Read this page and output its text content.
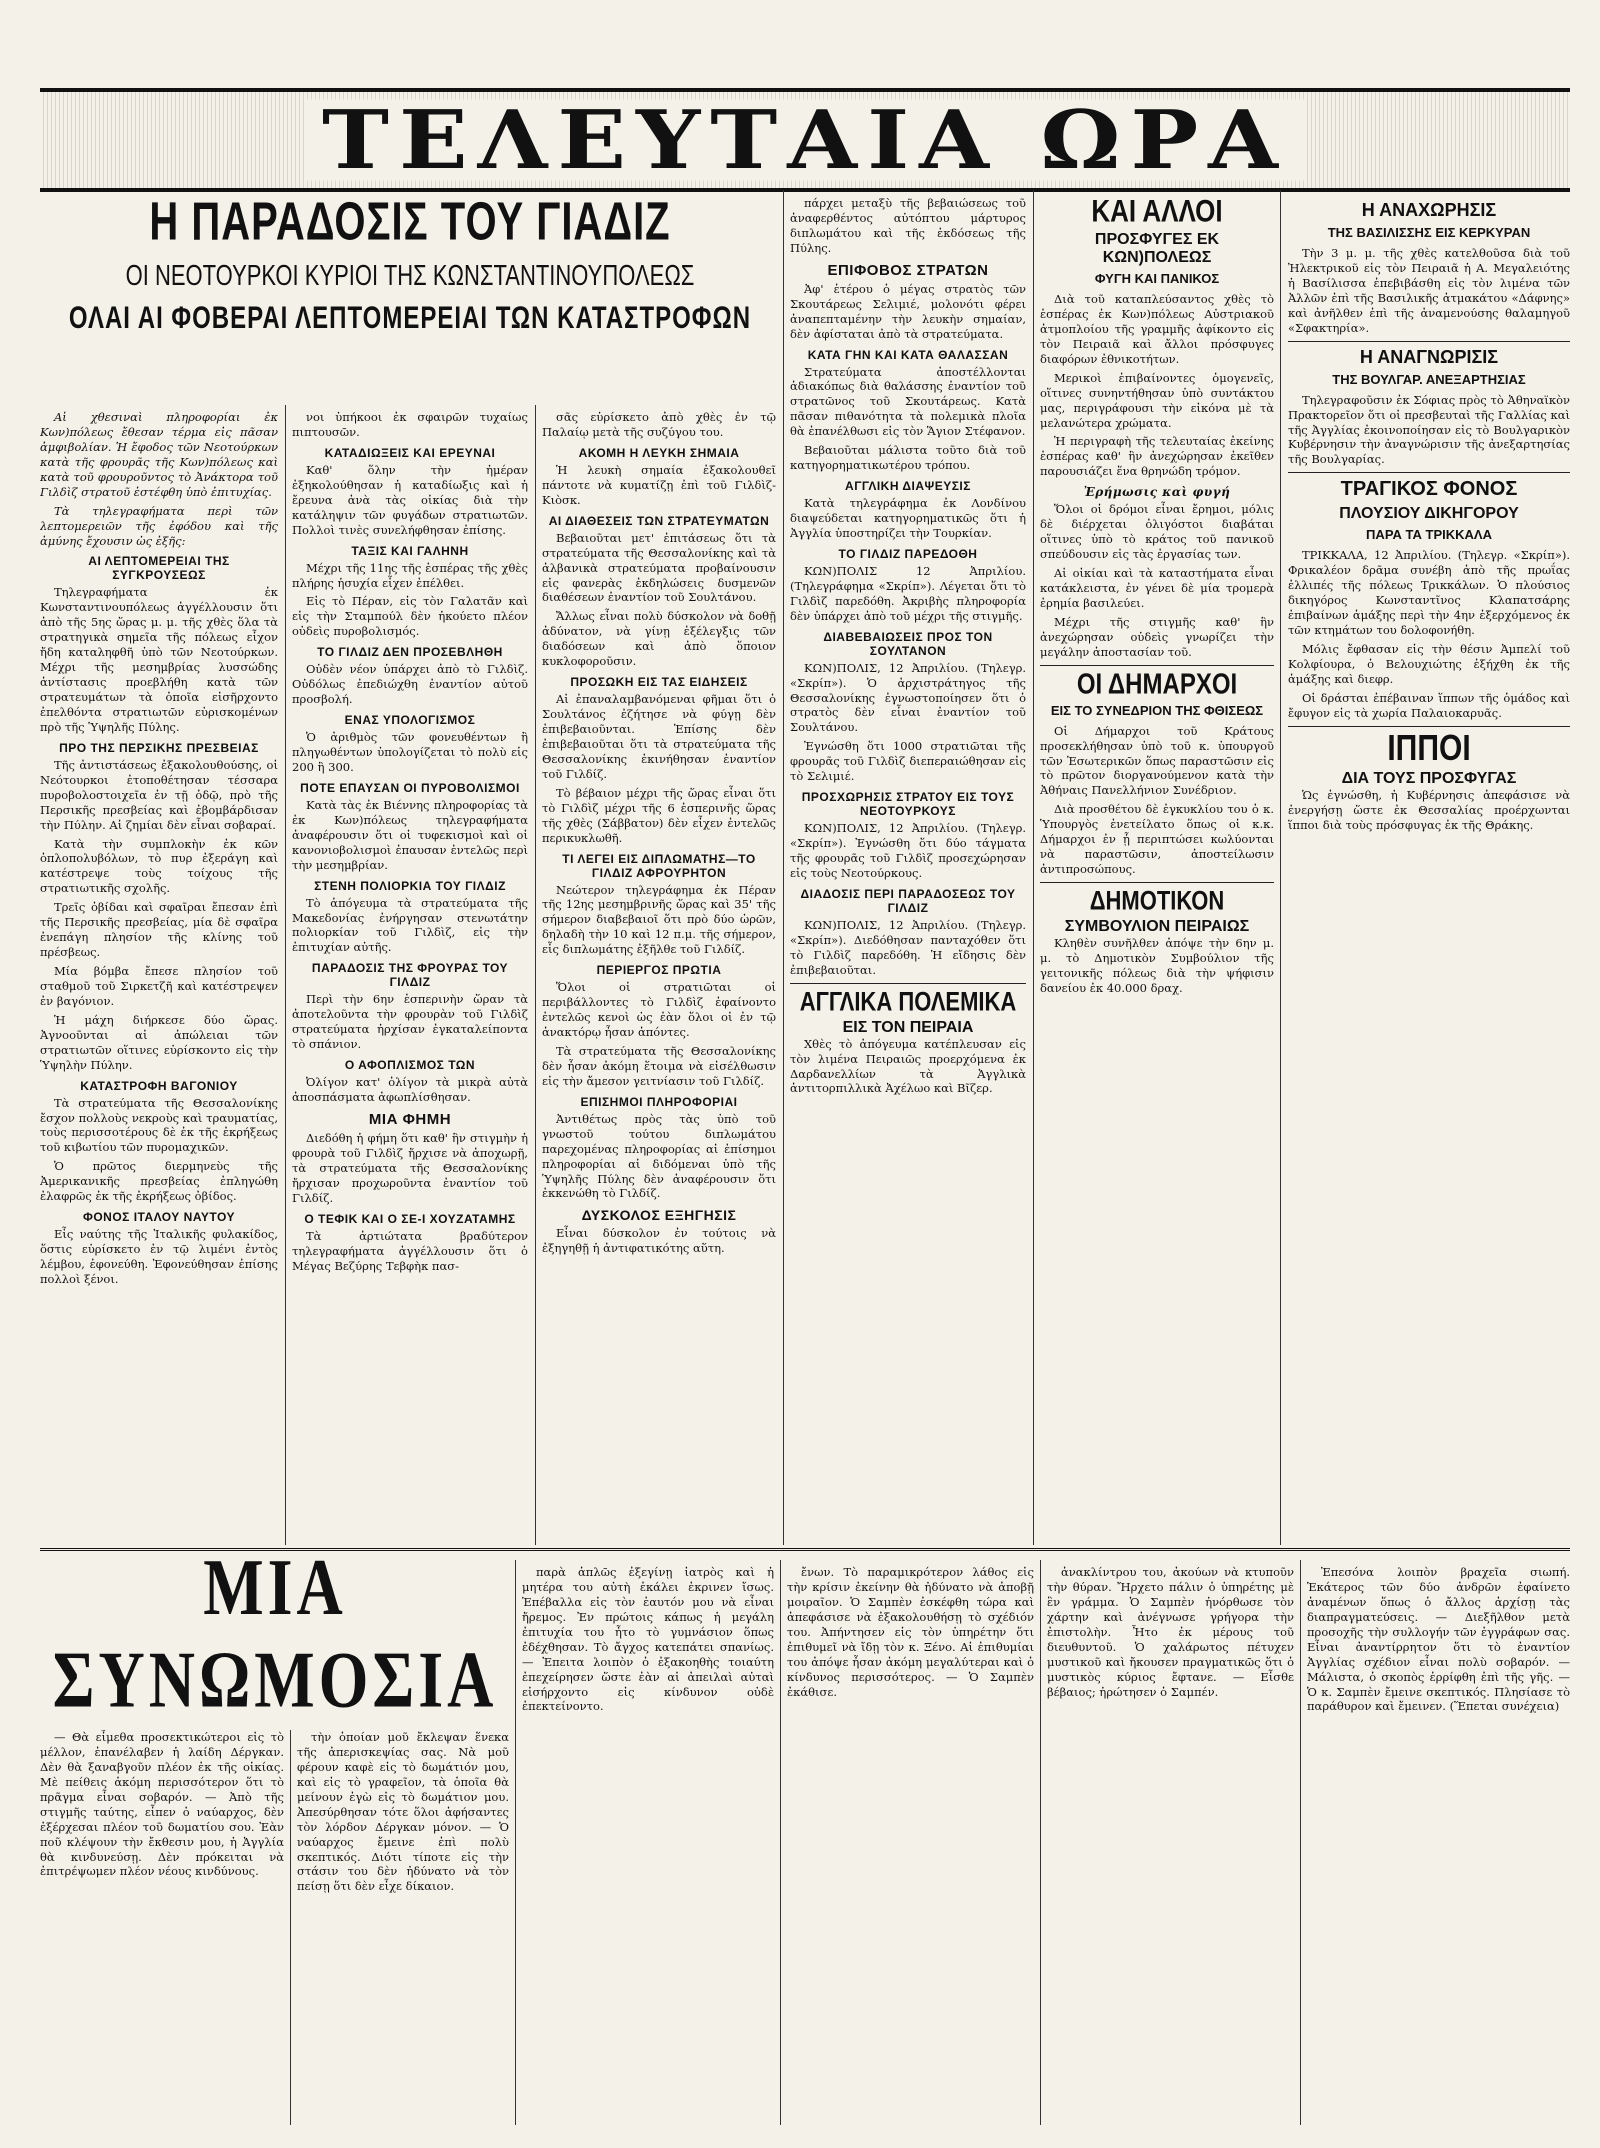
ΤΕΛΕΥΤΑΙΑ ΩΡΑ
Η ΠΑΡΑΔΟΣΙΣ ΤΟΥ ΓΙΑΔΙΖ
ΟΙ ΝΕΟΤΟΥΡΚΟΙ ΚΥΡΙΟΙ ΤΗΣ ΚΩΝΣΤΑΝΤΙΝΟΥΠΟΛΕΩΣ
ΟΛΑΙ ΑΙ ΦΟΒΕΡΑΙ ΛΕΠΤΟΜΕΡΕΙΑΙ ΤΩΝ ΚΑΤΑΣΤΡΟΦΩΝ

Αἱ χθεσιναὶ πληροφορίαι ἐκ Κων)πόλεως ἔθεσαν τέρμα εἰς πᾶσαν ἀμφιβολίαν. Ἡ ἔφοδος τῶν Νεοτούρκων κατὰ τῆς φρουρᾶς τῆς Κων)πόλεως καὶ κατὰ τοῦ φρουροῦντος τὸ Ἀνάκτορα τοῦ Γιλδὶζ στρατοῦ ἐστέφθη ὑπὸ ἐπιτυχίας.

Τὰ τηλεγραφήματα περὶ τῶν λεπτομερειῶν τῆς ἐφόδου καὶ τῆς ἀμύνης ἔχουσιν ὡς ἑξῆς:

ΑΙ ΛΕΠΤΟΜΕΡΕΙΑΙ ΤΗΣ ΣΥΓΚΡΟΥΣΕΩΣ

Τηλεγραφήματα ἐκ Κωνσταντινουπόλεως ἀγγέλλουσιν ὅτι ἀπὸ τῆς 5ης ὥρας μ. μ. τῆς χθὲς ὅλα τὰ στρατηγικὰ σημεῖα τῆς πόλεως εἶχον ἤδη καταληφθῆ ὑπὸ τῶν Νεοτούρκων. Μέχρι τῆς μεσημβρίας λυσσώδης ἀντίστασις προεβλήθη κατὰ τῶν στρατευμάτων τὰ ὁποῖα εἰσῆρχοντο ἐπελθόντα στρατιωτῶν εὑρισκομένων πρὸ τῆς Ὑψηλῆς Πύλης.

ΠΡΟ ΤΗΣ ΠΕΡΣΙΚΗΣ ΠΡΕΣΒΕΙΑΣ

Τῆς ἀντιστάσεως ἐξακολουθούσης, οἱ Νεότουρκοι ἐτοποθέτησαν τέσσαρα πυροβολοστοιχεῖα ἐν τῇ ὁδῷ, πρὸ τῆς Περσικῆς πρεσβείας καὶ ἐβομβάρδισαν τὴν Πύλην. Αἱ ζημίαι δὲν εἶναι σοβαραί.

Κατὰ τὴν συμπλοκὴν ἐκ κῶν ὁπλοπολυβόλων, τὸ πυρ ἐξεράγη καὶ κατέστρεψε τοὺς τοίχους τῆς στρατιωτικῆς σχολῆς.

Τρεῖς ὀβίδαι καὶ σφαῖραι ἔπεσαν ἐπὶ τῆς Περσικῆς πρεσβείας, μία δὲ σφαῖρα ἐνεπάγη πλησίον τῆς κλίνης τοῦ πρέσβεως.

Μία βόμβα ἔπεσε πλησίον τοῦ σταθμοῦ τοῦ Σιρκετζῆ καὶ κατέστρεψεν ἐν βαγόνιον.

Ἡ μάχη διήρκεσε δύο ὥρας. Ἀγνοοῦνται αἱ ἀπώλειαι τῶν στρατιωτῶν οἵτινες εὑρίσκοντο εἰς τὴν Ὑψηλὴν Πύλην.

ΚΑΤΑΣΤΡΟΦΗ ΒΑΓΟΝΙΟΥ

Τὰ στρατεύματα τῆς Θεσσαλονίκης ἔσχον πολλοὺς νεκροὺς καὶ τραυματίας, τοὺς περισσοτέρους δὲ ἐκ τῆς ἐκρήξεως τοῦ κιβωτίου τῶν πυρομαχικῶν.

Ὁ πρῶτος διερμηνεὺς τῆς Ἀμερικανικῆς πρεσβείας ἐπληγώθη ἐλαφρῶς ἐκ τῆς ἐκρήξεως ὀβίδος.

ΦΟΝΟΣ ΙΤΑΛΟΥ ΝΑΥΤΟΥ

Εἷς ναύτης τῆς Ἰταλικῆς φυλακίδος, ὅστις εὑρίσκετο ἐν τῷ λιμένι ἐντὸς λέμβου, ἐφονεύθη. Ἐφονεύθησαν ἐπίσης πολλοὶ ξένοι.

νοι ὑπήκοοι ἐκ σφαιρῶν τυχαίως πιπτουσῶν.

ΚΑΤΑΔΙΩΞΕΙΣ ΚΑΙ ΕΡΕΥΝΑΙ

Καθ' ὅλην τὴν ἡμέραν ἐξηκολούθησαν ἡ καταδίωξις καὶ ἡ ἔρευνα ἀνὰ τὰς οἰκίας διὰ τὴν κατάληψιν τῶν φυγάδων στρατιωτῶν. Πολλοὶ τινὲς συνελήφθησαν ἐπίσης.

ΤΑΞΙΣ ΚΑΙ ΓΑΛΗΝΗ

Μέχρι τῆς 11ης τῆς ἑσπέρας τῆς χθὲς πλήρης ἡσυχία εἶχεν ἐπέλθει.

Εἰς τὸ Πέραν, εἰς τὸν Γαλατᾶν καὶ εἰς τὴν Σταμπούλ δὲν ἠκούετο πλέον οὐδεὶς πυροβολισμός.

ΤΟ ΓΙΛΔΙΖ ΔΕΝ ΠΡΟΣΕΒΛΗΘΗ

Οὐδὲν νέον ὑπάρχει ἀπὸ τὸ Γιλδὶζ. Οὐδόλως ἐπεδιώχθη ἐναντίον αὐτοῦ προσβολή.

ΕΝΑΣ ΥΠΟΛΟΓΙΣΜΟΣ

Ὁ ἀριθμὸς τῶν φονευθέντων ἢ πληγωθέντων ὑπολογίζεται τὸ πολὺ εἰς 200 ἢ 300.

ΠΟΤΕ ΕΠΑΥΣΑΝ ΟΙ ΠΥΡΟΒΟΛΙΣΜΟΙ

Κατὰ τὰς ἐκ Βιέννης πληροφορίας τὰ ἐκ Κων)πόλεως τηλεγραφήματα ἀναφέρουσιν ὅτι οἱ τυφεκισμοὶ καὶ οἱ κανονιοβολισμοὶ ἐπαυσαν ἐντελῶς περὶ τὴν μεσημβρίαν.

ΣΤΕΝΗ ΠΟΛΙΟΡΚΙΑ ΤΟΥ ΓΙΛΔΙΖ

Τὸ ἀπόγευμα τὰ στρατεύματα τῆς Μακεδονίας ἐνήργησαν στενωτάτην πολιορκίαν τοῦ Γιλδὶζ, εἰς τὴν ἐπιτυχίαν αὐτῆς.

ΠΑΡΑΔΟΣΙΣ ΤΗΣ ΦΡΟΥΡΑΣ ΤΟΥ ΓΙΛΔΙΖ

Περὶ τὴν 6ην ἑσπερινὴν ὥραν τὰ ἀποτελοῦντα τὴν φρουρὰν τοῦ Γιλδὶζ στρατεύματα ἠρχίσαν ἐγκαταλείποντα τὸ σπάνιον.

Ο ΑΦΟΠΛΙΣΜΟΣ ΤΩΝ

Ὀλίγον κατ' ὀλίγον τὰ μικρὰ αὐτὰ ἀποσπάσματα ἀφωπλίσθησαν.

ΜΙΑ ΦΗΜΗ

Διεδόθη ἡ φήμη ὅτι καθ' ἣν στιγμὴν ἡ φρουρὰ τοῦ Γιλδὶζ ἤρχισε νὰ ἀποχωρῇ, τὰ στρατεύματα τῆς Θεσσαλονίκης ἤρχισαν προχωροῦντα ἐναντίον τοῦ Γιλδίζ.

Ο ΤΕΦΙΚ ΚΑΙ Ο ΣΕ-Ι ΧΟΥΖΑΤΑΜΗΣ

Τὰ ἀρτιώτατα βραδύτερον τηλεγραφήματα ἀγγέλλουσιν ὅτι ὁ Μέγας Βεζύρης Τεβφὴκ πασ-

σᾶς εὑρίσκετο ἀπὸ χθὲς ἐν τῷ Παλαίῳ μετὰ τῆς συζύγου του.

ΑΚΟΜΗ Η ΛΕΥΚΗ ΣΗΜΑΙΑ

Ἡ λευκὴ σημαία ἐξακολουθεῖ πάντοτε νὰ κυματίζῃ ἐπὶ τοῦ Γιλδὶζ-Κιὸσκ.

ΑΙ ΔΙΑΘΕΣΕΙΣ ΤΩΝ ΣΤΡΑΤΕΥΜΑΤΩΝ

Βεβαιοῦται μετ' ἐπιτάσεως ὅτι τὰ στρατεύματα τῆς Θεσσαλονίκης καὶ τὰ ἀλβανικὰ στρατεύματα προβαίνουσιν εἰς φανερὰς ἐκδηλώσεις δυσμενῶν διαθέσεων ἐναντίον τοῦ Σουλτάνου.

Ἄλλως εἶναι πολὺ δύσκολον νὰ δοθῇ ἀδύνατον, νὰ γίνῃ ἐξέλεγξις τῶν διαδόσεων καὶ ἀπὸ ὅποιον κυκλοφοροῦσιν.

ΠΡΟΣΩΚΗ ΕΙΣ ΤΑΣ ΕΙΔΗΣΕΙΣ

Αἱ ἐπαναλαμβανόμεναι φῆμαι ὅτι ὁ Σουλτάνος ἐζήτησε νὰ φύγῃ δὲν ἐπιβεβαιοῦνται. Ἐπίσης δὲν ἐπιβεβαιοῦται ὅτι τὰ στρατεύματα τῆς Θεσσαλονίκης ἐκινήθησαν ἐναντίον τοῦ Γιλδίζ.

Τὸ βέβαιον μέχρι τῆς ὥρας εἶναι ὅτι τὸ Γιλδὶζ μέχρι τῆς 6 ἑσπερινῆς ὥρας τῆς χθὲς (Σάββατον) δὲν εἶχεν ἐντελῶς περικυκλωθῆ.

ΤΙ ΛΕΓΕΙ ΕΙΣ ΔΙΠΛΩΜΑΤΗΣ—ΤΟ ΓΙΛΔΙΖ ΑΦΡΟΥΡΗΤΟΝ

Νεώτερον τηλεγράφημα ἐκ Πέραν τῆς 12ης μεσημβρινῆς ὥρας καὶ 35' τῆς σήμερον διαβεβαιοῖ ὅτι πρὸ δύο ὡρῶν, δηλαδὴ τὴν 10 καὶ 12 π.μ. τῆς σήμερον, εἷς διπλωμάτης ἐξῆλθε τοῦ Γιλδίζ.

ΠΕΡΙΕΡΓΟΣ ΠΡΩΤΙΑ

Ὅλοι οἱ στρατιῶται οἱ περιβάλλοντες τὸ Γιλδὶζ ἐφαίνοντο ἐντελῶς κενοὶ ὡς ἐὰν ὅλοι οἱ ἐν τῷ ἀνακτόρῳ ἦσαν ἀπόντες.

Τὰ στρατεύματα τῆς Θεσσαλονίκης δὲν ἦσαν ἀκόμη ἕτοιμα νὰ εἰσέλθωσιν εἰς τὴν ἄμεσον γειτνίασιν τοῦ Γιλδίζ.

ΕΠΙΣΗΜΟΙ ΠΛΗΡΟΦΟΡΙΑΙ

Ἀντιθέτως πρὸς τὰς ὑπὸ τοῦ γνωστοῦ τούτου διπλωμάτου παρεχομένας πληροφορίας αἱ ἐπίσημοι πληροφορίαι αἱ διδόμεναι ὑπὸ τῆς Ὑψηλῆς Πύλης δὲν ἀναφέρουσιν ὅτι ἐκκενώθη τὸ Γιλδίζ.

ΔΥΣΚΟΛΟΣ ΕΞΗΓΗΣΙΣ

Εἶναι δύσκολον ἐν τούτοις νὰ ἐξηγηθῇ ἡ ἀντιφατικότης αὕτη.

πάρχει μεταξὺ τῆς βεβαιώσεως τοῦ ἀναφερθέντος αὐτόπτου μάρτυρος διπλωμάτου καὶ τῆς ἐκδόσεως τῆς Πύλης.

ΕΠΙΦΟΒΟΣ ΣΤΡΑΤΩΝ

Ἀφ' ἑτέρου ὁ μέγας στρατὸς τῶν Σκουτάρεως Σελιμιέ, μολονότι φέρει ἀναπεπταμένην τὴν λευκὴν σημαίαν, δὲν ἀφίσταται ἀπὸ τὰ στρατεύματα.

ΚΑΤΑ ΓΗΝ ΚΑΙ ΚΑΤΑ ΘΑΛΑΣΣΑΝ

Στρατεύματα ἀποστέλλονται ἀδιακόπως διὰ θαλάσσης ἐναντίον τοῦ στρατῶνος τοῦ Σκουτάρεως. Κατὰ πᾶσαν πιθανότητα τὰ πολεμικὰ πλοῖα θὰ ἐπανέλθωσι εἰς τὸν Ἅγιον Στέφανον.

Βεβαιοῦται μάλιστα τοῦτο διὰ τοῦ κατηγορηματικωτέρου τρόπου.

ΑΓΓΛΙΚΗ ΔΙΑΨΕΥΣΙΣ

Κατὰ τηλεγράφημα ἐκ Λονδίνου διαψεύδεται κατηγορηματικῶς ὅτι ἡ Ἀγγλία ὑποστηρίζει τὴν Τουρκίαν.

ΤΟ ΓΙΛΔΙΖ ΠΑΡΕΔΟΘΗ

ΚΩΝ)ΠΟΛΙΣ 12 Ἀπριλίου. (Τηλεγράφημα «Σκρίπ»). Λέγεται ὅτι τὸ Γιλδὶζ παρεδόθη. Ἀκριβὴς πληροφορία δὲν ὑπάρχει ἀπὸ τοῦ μέχρι τῆς στιγμῆς.

ΔΙΑΒΕΒΑΙΩΣΕΙΣ ΠΡΟΣ ΤΟΝ ΣΟΥΛΤΑΝΟΝ

ΚΩΝ)ΠΟΛΙΣ, 12 Ἀπριλίου. (Τηλεγρ. «Σκρίπ»). Ὁ ἀρχιστράτηγος τῆς Θεσσαλονίκης ἐγνωστοποίησεν ὅτι ὁ στρατὸς δὲν εἶναι ἐναντίον τοῦ Σουλτάνου.

Ἐγνώσθη ὅτι 1000 στρατιῶται τῆς φρουρᾶς τοῦ Γιλδὶζ διεπεραιώθησαν εἰς τὸ Σελιμιέ.

ΠΡΟΣΧΩΡΗΣΙΣ ΣΤΡΑΤΟΥ ΕΙΣ ΤΟΥΣ ΝΕΟΤΟΥΡΚΟΥΣ

ΚΩΝ)ΠΟΛΙΣ, 12 Ἀπριλίου. (Τηλεγρ. «Σκρίπ»). Ἐγνώσθη ὅτι δύο τάγματα τῆς φρουρᾶς τοῦ Γιλδὶζ προσεχώρησαν εἰς τοὺς Νεοτούρκους.

ΔΙΑΔΟΣΙΣ ΠΕΡΙ ΠΑΡΑΔΟΣΕΩΣ ΤΟΥ ΓΙΛΔΙΖ

ΚΩΝ)ΠΟΛΙΣ, 12 Ἀπριλίου. (Τηλεγρ. «Σκρίπ»). Διεδόθησαν πανταχόθεν ὅτι τὸ Γιλδὶζ παρεδόθη. Ἡ εἴδησις δὲν ἐπιβεβαιοῦται.

ΑΓΓΛΙΚΑ ΠΟΛΕΜΙΚΑ
ΕΙΣ ΤΟΝ ΠΕΙΡΑΙΑ

Χθὲς τὸ ἀπόγευμα κατέπλευσαν εἰς τὸν λιμένα Πειραιῶς προερχόμενα ἐκ Δαρδανελλίων τὰ Ἀγγλικὰ ἀντιτορπιλλικὰ Ἀχέλωο καὶ Βῖζερ.

ΚΑΙ ΑΛΛΟΙ
ΠΡΟΣΦΥΓΕΣ ΕΚ ΚΩΝ)ΠΟΛΕΩΣ
ΦΥΓΗ ΚΑΙ ΠΑΝΙΚΟΣ

Διὰ τοῦ καταπλεύσαντος χθὲς τὸ ἑσπέρας ἐκ Κων)πόλεως Αὐστριακοῦ ἀτμοπλοίου τῆς γραμμῆς ἀφίκοντο εἰς τὸν Πειραιᾶ καὶ ἄλλοι πρόσφυγες διαφόρων ἐθνικοτήτων.

Μερικοὶ ἐπιβαίνοντες ὁμογενεῖς, οἵτινες συνηντήθησαν ὑπὸ συντάκτου μας, περιγράφουσι τὴν εἰκόνα μὲ τὰ μελανώτερα χρώματα.

Ἡ περιγραφὴ τῆς τελευταίας ἐκείνης ἑσπέρας καθ' ἣν ἀνεχώρησαν ἐκεῖθεν παρουσιάζει ἕνα θρηνώδη τρόμον.

Ἐρήμωσις καὶ φυγή

Ὅλοι οἱ δρόμοι εἶναι ἔρημοι, μόλις δὲ διέρχεται ὀλιγόστοι διαβάται οἵτινες ὑπὸ τὸ κράτος τοῦ πανικοῦ σπεύδουσιν εἰς τὰς ἐργασίας των.

Αἱ οἰκίαι καὶ τὰ καταστήματα εἶναι κατάκλειστα, ἐν γένει δὲ μία τρομερὰ ἐρημία βασιλεύει.

Μέχρι τῆς στιγμῆς καθ' ἣν ἀνεχώρησαν οὐδεὶς γνωρίζει τὴν μεγάλην ἀποστασίαν τοῦ.

ΟΙ ΔΗΜΑΡΧΟΙ
ΕΙΣ ΤΟ ΣΥΝΕΔΡΙΟΝ ΤΗΣ ΦΘΙΣΕΩΣ

Οἱ Δήμαρχοι τοῦ Κράτους προσεκλήθησαν ὑπὸ τοῦ κ. ὑπουργοῦ τῶν Ἐσωτερικῶν ὅπως παραστῶσιν εἰς τὸ πρῶτον διοργανούμενον κατὰ τὴν Ἀθήναις Πανελλήνιον Συνέδριον.

Διὰ προσθέτου δὲ ἐγκυκλίου του ὁ κ. Ὑπουργὸς ἐνετείλατο ὅπως οἱ κ.κ. Δήμαρχοι ἐν ᾗ περιπτώσει κωλύονται νὰ παραστῶσιν, ἀποστείλωσιν ἀντιπροσώπους.

ΔΗΜΟΤΙΚΟΝ
ΣΥΜΒΟΥΛΙΟΝ ΠΕΙΡΑΙΩΣ

Κληθὲν συνῆλθεν ἀπόψε τὴν 6ην μ. μ. τὸ Δημοτικὸν Συμβούλιον τῆς γειτονικῆς πόλεως διὰ τὴν ψήφισιν δανείου ἐκ 40.000 δραχ.

Η ΑΝΑΧΩΡΗΣΙΣ
ΤΗΣ ΒΑΣΙΛΙΣΣΗΣ ΕΙΣ ΚΕΡΚΥΡΑΝ

Τὴν 3 μ. μ. τῆς χθὲς κατελθοῦσα διὰ τοῦ Ἠλεκτρικοῦ εἰς τὸν Πειραιᾶ ἡ Α. Μεγαλειότης ἡ Βασίλισσα ἐπεβιβάσθη εἰς τὸν λιμένα τῶν Ἀλλῶν ἐπὶ τῆς Βασιλικῆς ἀτμακάτου «Δάφνης» καὶ ἀνῆλθεν ἐπὶ τῆς ἀναμενούσης θαλαμηγοῦ «Σφακτηρία».

Η ΑΝΑΓΝΩΡΙΣΙΣ
ΤΗΣ ΒΟΥΛΓΑΡ. ΑΝΕΞΑΡΤΗΣΙΑΣ

Τηλεγραφοῦσιν ἐκ Σόφιας πρὸς τὸ Ἀθηναϊκὸν Πρακτορεῖον ὅτι οἱ πρεσβευταὶ τῆς Γαλλίας καὶ τῆς Ἀγγλίας ἐκοινοποίησαν εἰς τὸ Βουλγαρικὸν Κυβέρνησιν τὴν ἀναγνώρισιν τῆς ἀνεξαρτησίας τῆς Βουλγαρίας.

ΤΡΑΓΙΚΟΣ ΦΟΝΟΣ
ΠΛΟΥΣΙΟΥ ΔΙΚΗΓΟΡΟΥ
ΠΑΡΑ ΤΑ ΤΡΙΚΚΑΛΑ

ΤΡΙΚΚΑΛΑ, 12 Ἀπριλίου. (Τηλεγρ. «Σκρίπ»). Φρικαλέον δρᾶμα συνέβη ἀπὸ τῆς πρωΐας ἐλλιπές τῆς πόλεως Τρικκάλων. Ὁ πλούσιος δικηγόρος Κωνσταντῖνος Κλαπατσάρης ἐπιβαίνων ἁμάξης περὶ τὴν 4ην ἐξερχόμενος ἐκ τῶν κτημάτων του δολοφονήθη.

Μόλις ἔφθασαν εἰς τὴν θέσιν Ἀμπελί τοῦ Κολφίουρα, ὁ Βελουχιώτης ἐξήχθη ἐκ τῆς ἁμάξης καὶ διεφρ.

Οἱ δράσται ἐπέβαιναν ἵππων τῆς ὁμάδος καὶ ἔφυγον εἰς τὰ χωρία Παλαιοκαρυᾶς.

ΙΠΠΟΙ
ΔΙΑ ΤΟΥΣ ΠΡΟΣΦΥΓΑΣ

Ὡς ἐγνώσθη, ἡ Κυβέρνησις ἀπεφάσισε νὰ ἐνεργήσῃ ὥστε ἐκ Θεσσαλίας προέρχωνται ἵπποι διὰ τοὺς πρόσφυγας ἐκ τῆς Θράκης.

ΜΙΑ ΣΥΝΩΜΟΣΙΑ

— Θὰ εἶμεθα προσεκτικώτεροι εἰς τὸ μέλλον, ἐπανέλαβεν ἡ λαίδη Δέργκαν. Δὲν θὰ ξαναβγοῦν πλέον ἐκ τῆς οἰκίας. Μὲ πείθεις ἀκόμη περισσότερον ὅτι τὸ πρᾶγμα εἶναι σοβαρόν. — Ἀπὸ τῆς στιγμῆς ταύτης, εἶπεν ὁ ναύαρχος, δὲν ἐξέρχεσαι πλέον τοῦ δωματίου σου. Ἐὰν ποῦ κλέψουν τὴν ἔκθεσιν μου, ἡ Ἀγγλία θὰ κινδυνεύσῃ. Δὲν πρόκειται νὰ ἐπιτρέψωμεν πλέον νέους κινδύνους.

τὴν ὁποίαν μοῦ ἔκλεψαν ἕνεκα τῆς ἀπερισκεψίας σας. Νὰ μοῦ φέρουν καφὲ εἰς τὸ δωμάτιόν μου, καὶ εἰς τὸ γραφεῖον, τὰ ὁποῖα θὰ μείνουν ἐγὼ εἰς τὸ δωμάτιον μου. Ἀπεσύρθησαν τότε ὅλοι ἀφήσαντες τὸν λόρδον Δέργκαν μόνον. — Ὁ ναύαρχος ἔμεινε ἐπὶ πολὺ σκεπτικός. Διότι τίποτε εἰς τὴν στάσιν του δὲν ἠδύνατο νὰ τὸν πείσῃ ὅτι δὲν εἶχε δίκαιον.

παρὰ ἁπλῶς ἐξεγίνῃ ἰατρὸς καὶ ἡ μητέρα του αὐτὴ ἐκάλει ἐκρινεν ἴσως. Ἐπέβαλλα εἰς τὸν ἑαυτόν μου νὰ εἶναι ἤρεμος. Ἐν πρώτοις κάπως ἡ μεγάλη ἐπιτυχία του ἦτο τὸ γυμνάσιον ὅπως ἐδέχθησαν. Τὸ ἄγχος κατεπάτει σπανίως. — Ἐπειτα λοιπὸν ὁ ἐξακοηθὴς τοιαύτη ἐπεχείρησεν ὥστε ἐὰν αἱ ἀπειλαὶ αὐταὶ εἰσήρχοντο εἰς κίνδυνον οὐδὲ ἐπεκτείνοντο.

ἔνων. Τὸ παραμικρότερον λάθος εἰς τὴν κρίσιν ἐκείνην θὰ ἠδύνατο νὰ ἀποβῇ μοιραῖον. Ὁ Σαμπὲν ἐσκέφθη τώρα καὶ ἀπεφάσισε νὰ ἐξακολουθήσῃ τὸ σχέδιόν του. Ἀπήντησεν εἰς τὸν ὑπηρέτην ὅτι ἐπιθυμεῖ νὰ ἴδῃ τὸν κ. Ξένο. Αἱ ἐπιθυμίαι του ἀπόψε ἦσαν ἀκόμη μεγαλύτεραι καὶ ὁ κίνδυνος περισσότερος. — Ὁ Σαμπὲν ἐκάθισε.

ἀνακλίντρου του, ἀκούων νὰ κτυποῦν τὴν θύραν. Ἤρχετο πάλιν ὁ ὑπηρέτης μὲ ἓν γράμμα. Ὁ Σαμπὲν ἠνόρθωσε τὸν χάρτην καὶ ἀνέγνωσε γρήγορα τὴν ἐπιστολὴν. Ἦτο ἐκ μέρους τοῦ διευθυντοῦ. Ὁ χαλάρωτος πέτυχεν μυστικοῦ καὶ ἤκουσεν πραγματικῶς ὅτι ὁ μυστικὸς κύριος ἔφτανε. — Εἶσθε βέβαιος; ἠρώτησεν ὁ Σαμπέν.

Ἐπεσόνα λοιπὸν βραχεῖα σιωπή. Ἑκάτερος τῶν δύο ἀνδρῶν ἐφαίνετο ἀναμένων ὅπως ὁ ἄλλος ἀρχίσῃ τὰς διαπραγματεύσεις. — Διεξῆλθον μετὰ προσοχῆς τὴν συλλογήν τῶν ἐγγράφων σας. Εἶναι ἀναντίρρητον ὅτι τὸ ἐναντίον Ἀγγλίας σχέδιον εἶναι πολὺ σοβαρόν. — Μάλιστα, ὁ σκοπὸς ἐρρίφθη ἐπὶ τῆς γῆς. — Ὁ κ. Σαμπὲν ἔμεινε σκεπτικός. Πλησίασε τὸ παράθυρον καὶ ἔμεινεν. (Ἕπεται συνέχεια)
